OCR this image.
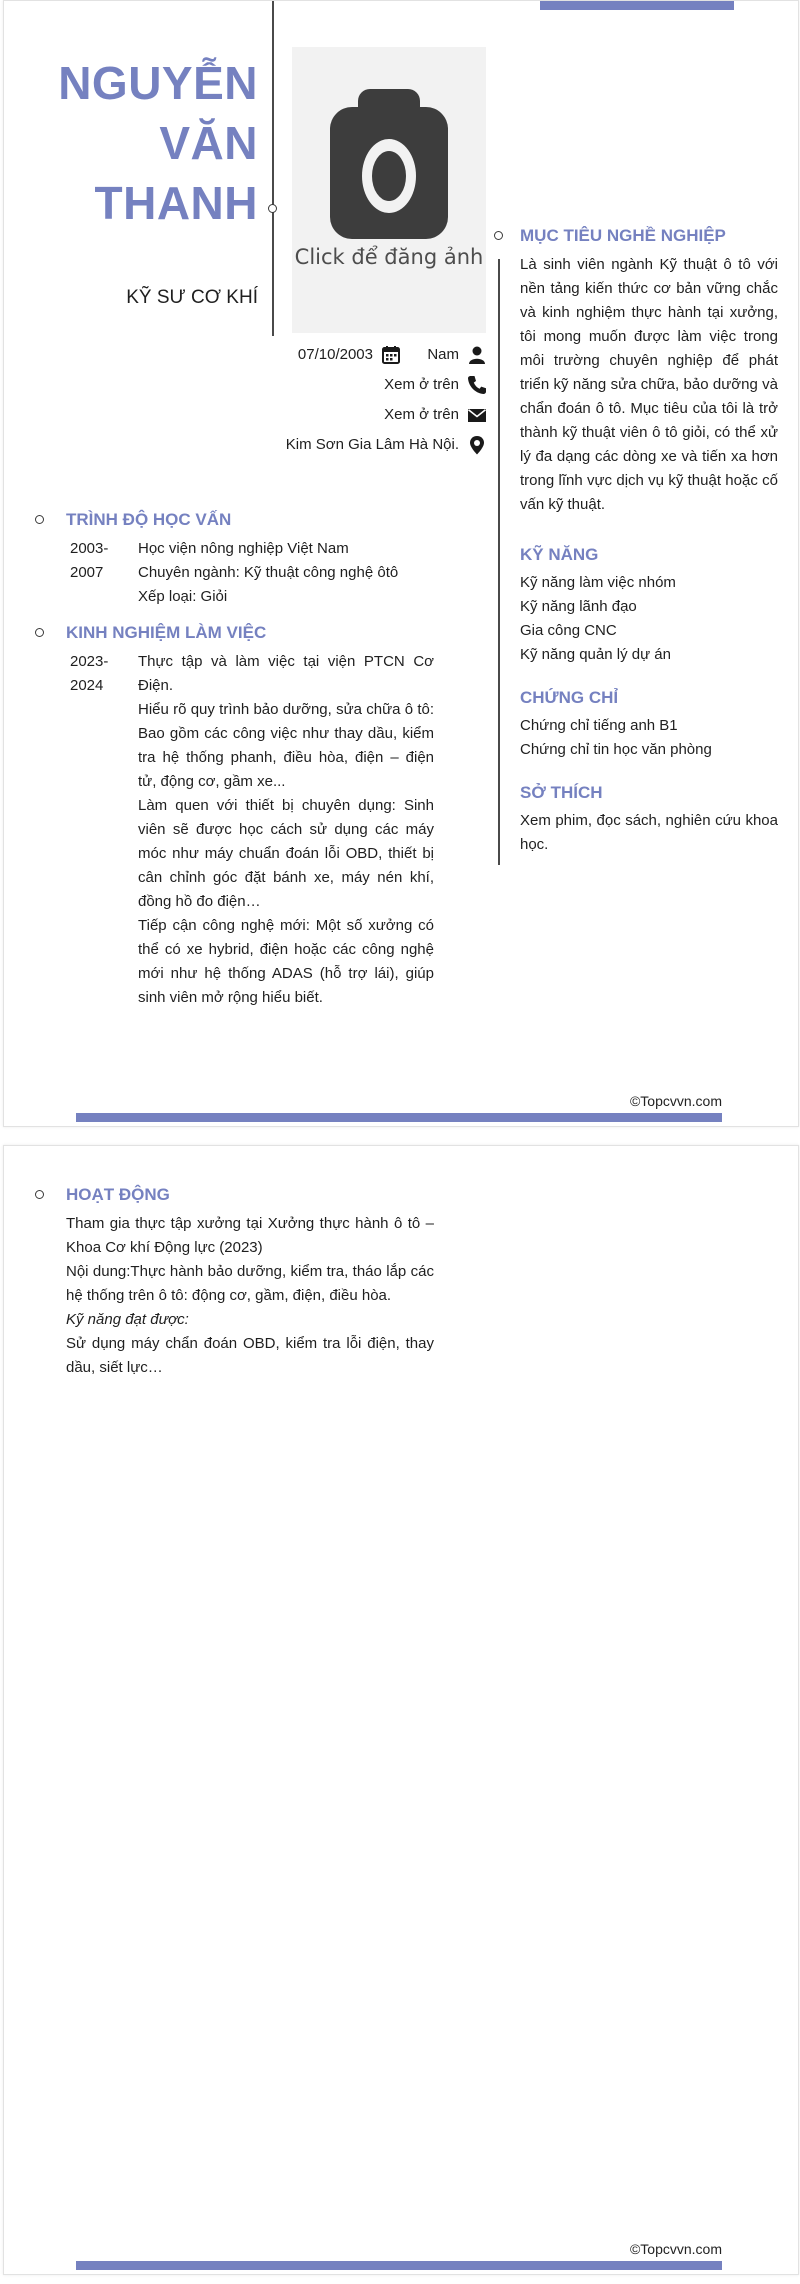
NGUYỄN
VĂN
THANH
KỸ SƯ CƠ KHÍ
Click để đăng ảnh
Nam
07/10/2003
Xem ở trên
Xem ở trên
Kim Sơn Gia Lâm Hà Nội.
TRÌNH ĐỘ HỌC VẤN
2003-
2007
Học viện nông nghiệp Việt Nam
Chuyên ngành: Kỹ thuật công nghệ ôtô
Xếp loại: Giỏi
KINH NGHIỆM LÀM VIỆC
2023-
2024
Thực tập và làm việc tại viện PTCN Cơ Điện.
Hiểu rõ quy trình bảo dưỡng, sửa chữa ô tô: Bao gồm các công việc như thay dầu, kiểm tra hệ thống phanh, điều hòa, điện – điện tử, động cơ, gầm xe...
Làm quen với thiết bị chuyên dụng: Sinh viên sẽ được học cách sử dụng các máy móc như máy chuẩn đoán lỗi OBD, thiết bị cân chỉnh góc đặt bánh xe, máy nén khí, đồng hồ đo điện…
Tiếp cận công nghệ mới: Một số xưởng có thể có xe hybrid, điện hoặc các công nghệ mới như hệ thống ADAS (hỗ trợ lái), giúp sinh viên mở rộng hiểu biết.
MỤC TIÊU NGHỀ NGHIỆP
Là sinh viên ngành Kỹ thuật ô tô với nền tảng kiến thức cơ bản vững chắc và kinh nghiệm thực hành tại xưởng, tôi mong muốn được làm việc trong môi trường chuyên nghiệp để phát triển kỹ năng sửa chữa, bảo dưỡng và chẩn đoán ô tô. Mục tiêu của tôi là trở thành kỹ thuật viên ô tô giỏi, có thể xử lý đa dạng các dòng xe và tiến xa hơn trong lĩnh vực dịch vụ kỹ thuật hoặc cố vấn kỹ thuật.
KỸ NĂNG
Kỹ năng làm việc nhóm
Kỹ năng lãnh đạo
Gia công CNC
Kỹ năng quản lý dự án
CHỨNG CHỈ
Chứng chỉ tiếng anh B1
Chứng chỉ tin học văn phòng
SỞ THÍCH
Xem phim, đọc sách, nghiên cứu khoa học.
©Topcvvn.com
HOẠT ĐỘNG
Tham gia thực tập xưởng tại Xưởng thực hành ô tô – Khoa Cơ khí Động lực (2023)
Nội dung:Thực hành bảo dưỡng, kiểm tra, tháo lắp các hệ thống trên ô tô: động cơ, gầm, điện, điều hòa.
Kỹ năng đạt được:
Sử dụng máy chẩn đoán OBD, kiểm tra lỗi điện, thay dầu, siết lực…
©Topcvvn.com
